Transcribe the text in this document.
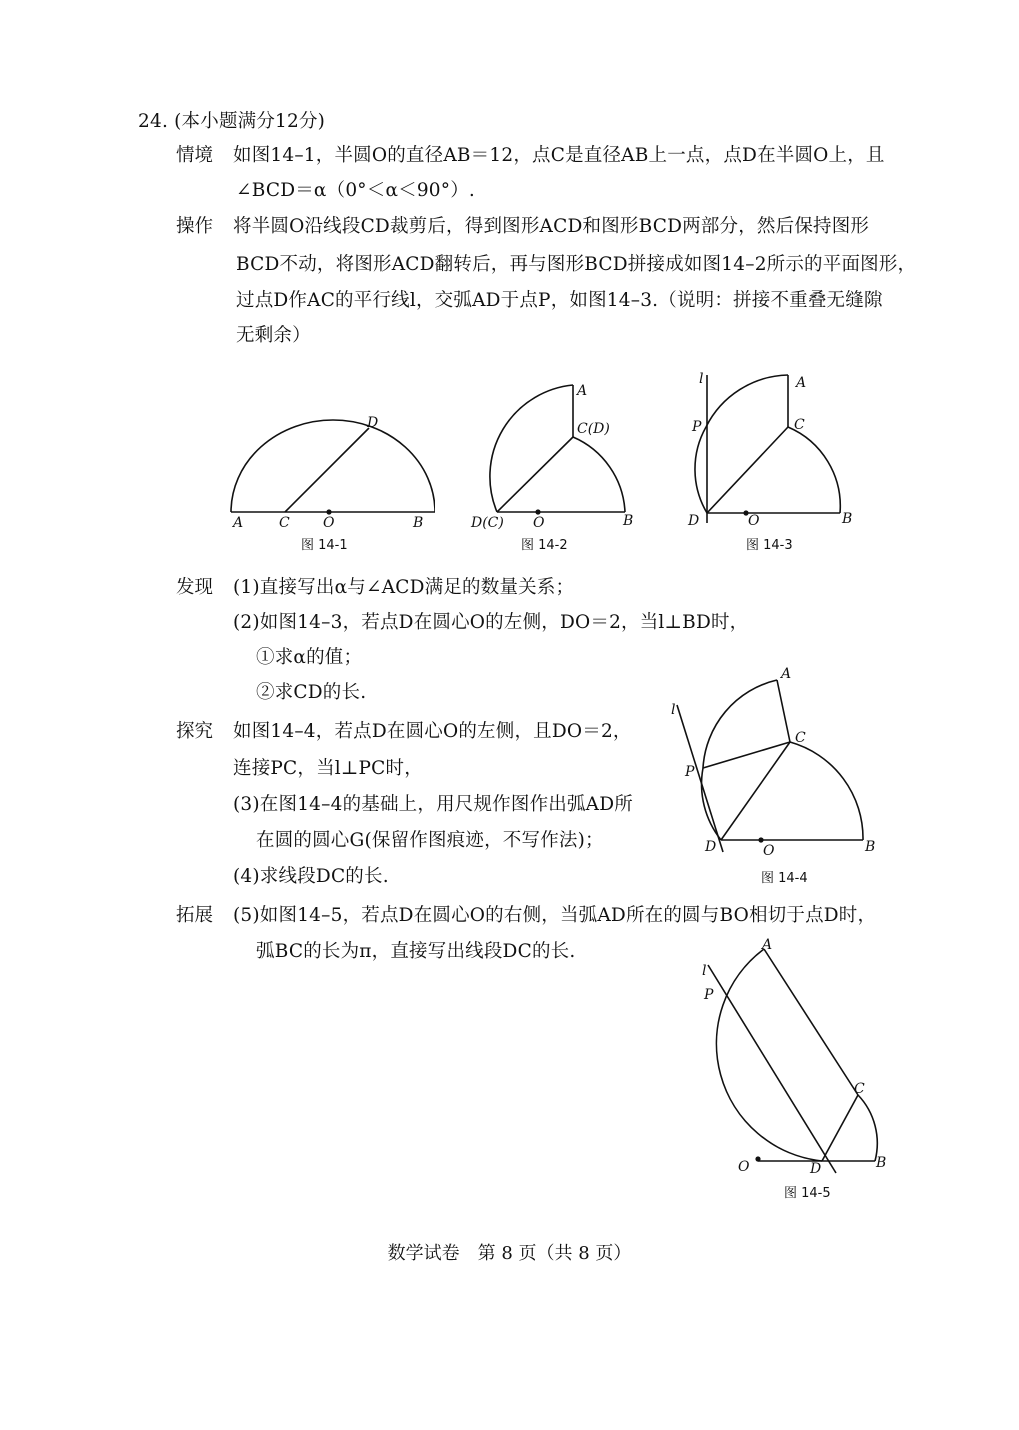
24. (本小题满分12分)
情境 如图14–1，半圆O的直径AB＝12，点C是直径AB上一点，点D在半圆O上，且
∠BCD＝α（0°＜α＜90°）.
操作 将半圆O沿线段CD裁剪后，得到图形ACD和图形BCD两部分，然后保持图形
BCD不动，将图形ACD翻转后，再与图形BCD拼接成如图14–2所示的平面图形，
过点D作AC的平行线l，交弧AD于点P，如图14–3.（说明：拼接不重叠无缝隙
无剩余）
A	C O	B
D
图 14-1
A
C(D)
D(C) O	B
图 14-2
l	A
P	C
D	O	B
图 14-3
发现 (1)直接写出α与∠ACD满足的数量关系；
(2)如图14–3，若点D在圆心O的左侧，DO＝2，当l⊥BD时，
①求α的值；
②求CD的长.
探究 如图14–4，若点D在圆心O的左侧，且DO＝2，
连接PC，当l⊥PC时，
(3)在图14–4的基础上，用尺规作图作出弧AD所
在圆的圆心G(保留作图痕迹，不写作法)；
(4)求线段DC的长.
l
A
C
P
D	O	B
图 14-4
拓展 (5)如图14–5，若点D在圆心O的右侧，当弧AD所在的圆与BO相切于点D时，
弧BC的长为π，直接写出线段DC的长.
l
A
P
C
O	D	B
图 14-5
数学试卷　第 8 页（共 8 页）
